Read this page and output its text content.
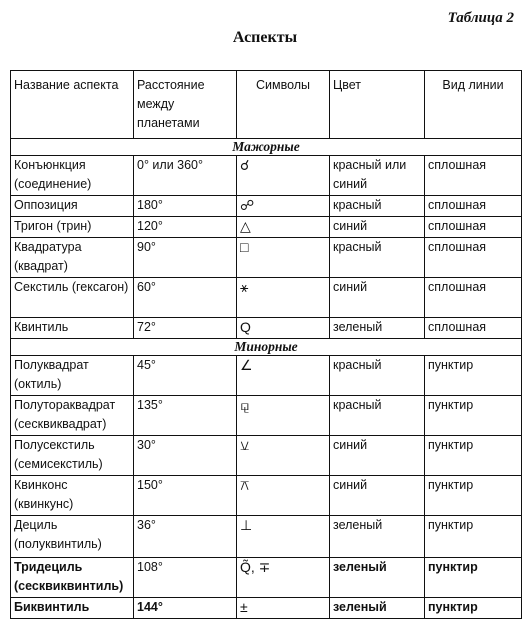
Таблица 2
Аспекты
Название аспекта	Расстояние между планетами	Символы	Цвет	Вид линии
Мажорные				
Конъюнкция (соединение)	0° или 360°	☌	красный или синий	сплошная
Оппозиция	180°	☍	красный	сплошная
Тригон (трин)	120°	△	синий	сплошная
Квадратура (квадрат)	90°	□	красный	сплошная
Секстиль (гексагон)	60°	⚹	синий	сплошная
Квинтиль	72°	Q	зеленый	сплошная
Минорные				
Полуквадрат (октиль)	45°	∠	красный	пунктир
Полутораквадрат (сесквиквадрат)	135°	⚼	красный	пунктир
Полусекстиль (семисекстиль)	30°	⚺	синий	пунктир
Квинконс (квинкунс)	150°	⚻	синий	пунктир
Дециль (полуквинтиль)	36°	⊥	зеленый	пунктир
Тридециль (сесквиквинтиль)	108°	Q̃, ∓	зеленый	пунктир
Биквинтиль	144°	±	зеленый	пунктир
